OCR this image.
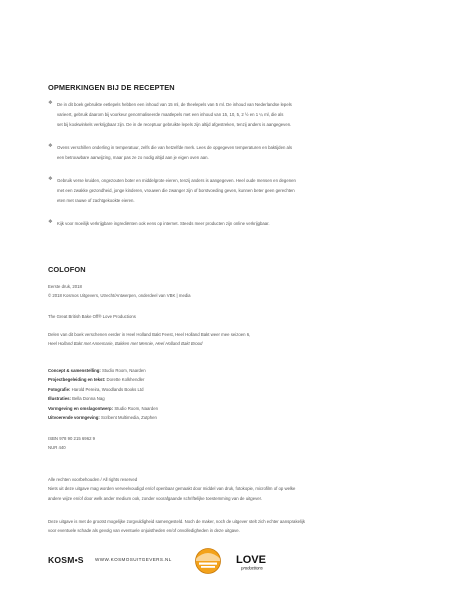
OPMERKINGEN BIJ DE RECEPTEN
❖ De in dit boek gebruikte eetlepels hebben een inhoud van 15 ml, de theelepels van 5 ml. De inhoud van Nederlandse lepels
varieert, gebruik daarom bij voorkeur genormaliseerde maatlepels met een inhoud van 15, 10, 5, 2 ½ en 1 ¼ ml, die als
set bij kookwinkels verkrijgbaar zijn. De in de receptuur gebruikte lepels zijn altijd afgestreken, tenzij anders is aangegeven.
❖ Ovens verschillen onderling in temperatuur, zelfs die van hetzelfde merk. Lees de opgegeven temperaturen en baktijden als
een betrouwbare aanwijzing, maar pas ze zo nodig altijd aan je eigen oven aan.
❖ Gebruik verse kruiden, ongezouten boter en middelgrote eieren, tenzij anders is aangegeven. Heel oude mensen en degenen
met een zwakke gezondheid, jonge kinderen, vrouwen die zwanger zijn of borstvoeding geven, kunnen beter geen gerechten
eten met rauwe of zachtgekookte eieren.
❖ Kijk voor moeilijk verkrijgbare ingrediënten ook eens op internet. Steeds meer producten zijn online verkrijgbaar.
COLOFON
Eerste druk, 2018
© 2018 Kosmos Uitgevers, Utrecht/Antwerpen, onderdeel van VBK | media
The Great British Bake Off® Love Productions
Delen van dit boek verschenen eerder in Heel Holland Bakt Feest, Heel Holland Bakt weer mee seizoen 6,
Heel Holland Bakt met Annemarie, Bakken met Mennie, Heel Holland Bakt Brood
Concept & samenstelling: Studio Room, Naarden
Projectbegeleiding en tekst: Dorette Kolkhendler
Fotografie: Harold Pereira, Woodlands Books Ltd
Illustraties: Bella Donna Nag
Vormgeving en omslagontwerp: Studio Room, Naarden
Uitvoerende vormgeving: Scribent Multimedia, Zutphen
ISBN 978 90 215 6962 9
NUR 440
Alle rechten voorbehouden / All rights reserved
Niets uit deze uitgave mag worden verveelvoudigd en/of openbaar gemaakt door middel van druk, fotokopie, microfilm of op welke
andere wijze en/of door welk ander medium ook, zonder voorafgaande schriftelijke toestemming van de uitgever.
Deze uitgave is met de grootst mogelijke zorgvuldigheid samengesteld. Noch de maker, noch de uitgever stelt zich echter aansprakelijk
voor eventuele schade als gevolg van eventuele onjuistheden en/of onvolledigheden in deze uitgave.
KOSM•S WWW.KOSMOSUITGEVERS.NL	LOVE
productions
